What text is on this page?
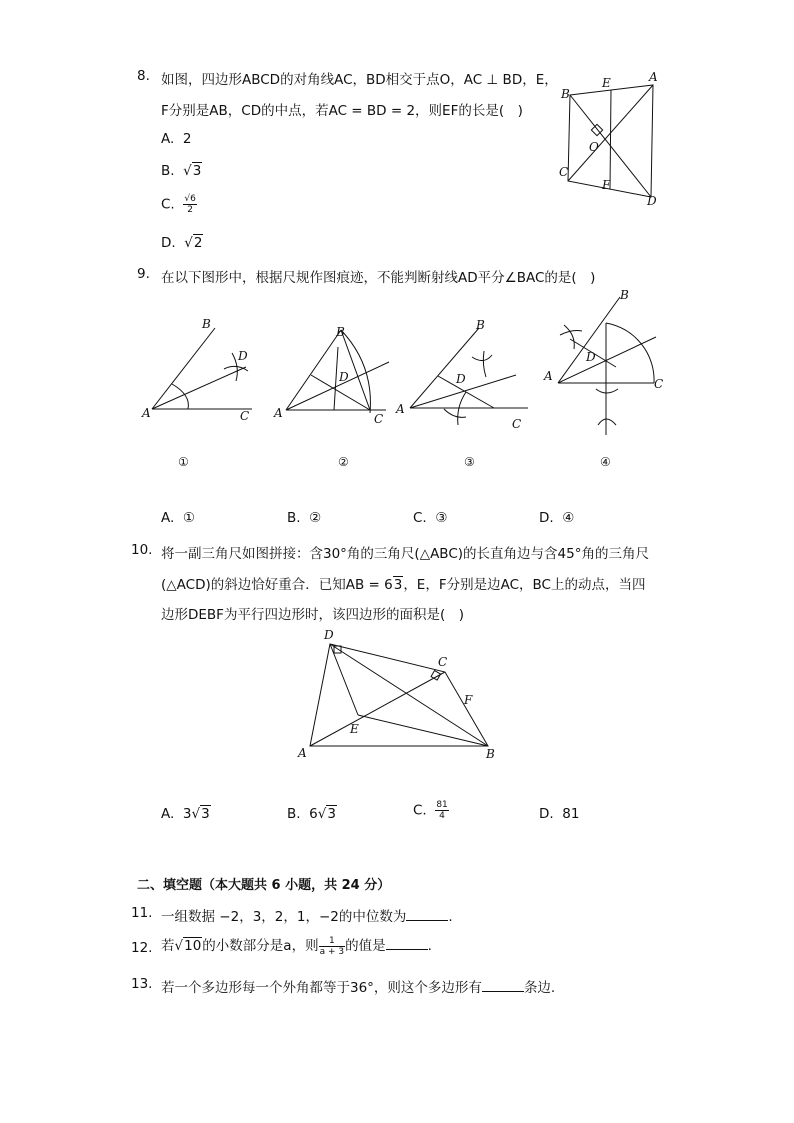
8. 如图，四边形ABCD的对角线AC，BD相交于点O，AC ⊥ BD，E，
F分别是AB，CD的中点，若AC = BD = 2，则EF的长是(　)
A. 2
B.  √3
C. $\frac{√6}{2}$
D.  √2
B
E	A
O
C
F
D
9. 在以下图形中，根据尺规作图痕迹，不能判断射线AD平分∠BAC的是(　)
B
D
A	C
B
D
A	C
B
D
A
C
B
D
A
C
①	②	③	④
A. ①	B. ②	C. ③	D. ④
10. 将一副三角尺如图拼接：含30°角的三角尺(△ABC)的长直角边与含45°角的三角尺
(△ACD)的斜边恰好重合．已知AB = 63，E，F分别是边AC，BC上的动点，当四
边形DEBF为平行四边形时，该四边形的面积是(　)
D
C
F
E
A	B
A. 3√3	B. 6√3	C. $\frac{81}{4}$	D. 81
二、填空题（本大题共 6 小题，共 24 分）
11. 一组数据 −2，3，2，1，−2的中位数为	.
12. 若√10的小数部分是a，则 $\frac{1}{a + 3}$ 的值是	.
13. 若一个多边形每一个外角都等于36°，则这个多边形有	条边.
